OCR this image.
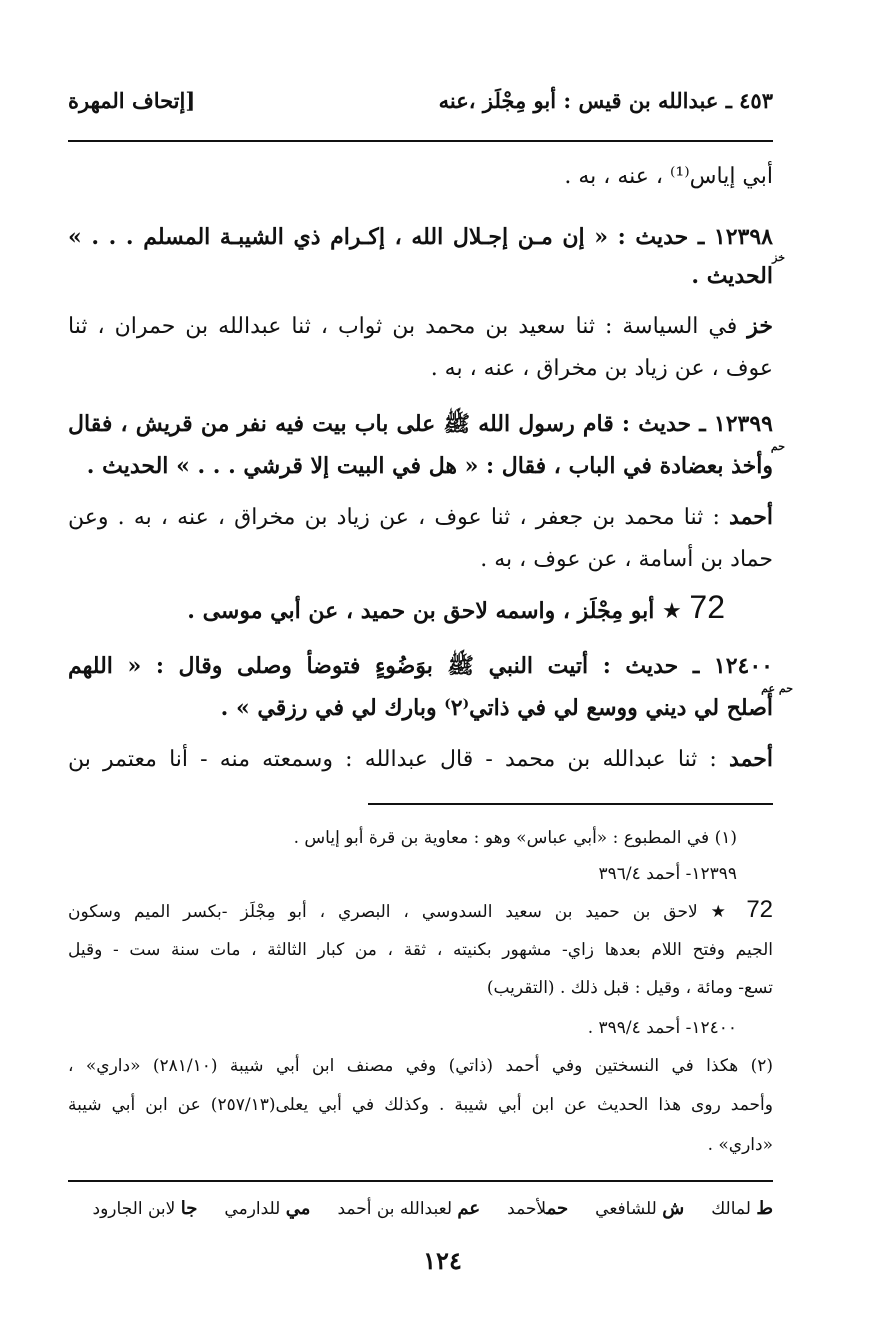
٤٥٣ ـ عبدالله بن قيس : أبو مِجْلَز ،عنه
[إتحاف المهرة
أبي إياس⁽¹⁾ ، عنه ، به .
١٢٣٩٨ ـ حديث : « إن مـن إجـلال الله ، إكـرام ذي الشيبـة المسلم . . . »
خز
الحديث .
خز في السياسة : ثنا سعيد بن محمد بن ثواب ، ثنا عبدالله بن حمران ، ثنا
عوف ، عن زياد بن مخراق ، عنه ، به .
١٢٣٩٩ ـ حديث : قام رسول الله ﷺ على باب بيت فيه نفر من قريش ، فقال
حم
وأخذ بعضادة في الباب ، فقال : « هل في البيت إلا قرشي . . . » الحديث .
أحمد : ثنا محمد بن جعفر ، ثنا عوف ، عن زياد بن مخراق ، عنه ، به . وعن
حماد بن أسامة ، عن عوف ، به .
72 ★ أبو مِجْلَز ، واسمه لاحق بن حميد ، عن أبي موسى .
١٢٤٠٠ ـ حديث : أتيت النبي ﷺ بوَضُوءٍ فتوضأ وصلى وقال : « اللهم
حم عم
أصلح لي ديني ووسع لي في ذاتي⁽٢⁾ وبارك لي في رزقي » .
أحمد : ثنا عبدالله بن محمد - قال عبدالله : وسمعته منه - أنا معتمر بن
(١) في المطبوع : «أبي عباس» وهو : معاوية بن قرة أبو إياس .
١٢٣٩٩- أحمد ٣٩٦/٤
72 ★ لاحق بن حميد بن سعيد السدوسي ، البصري ، أبو مِجْلَز -بكسر الميم وسكون
الجيم وفتح اللام بعدها زاي- مشهور بكنيته ، ثقة ، من كبار الثالثة ، مات سنة ست - وقيل
تسع- ومائة ، وقيل : قبل ذلك . (التقريب)
١٢٤٠٠- أحمد ٣٩٩/٤ .
(٢) هكذا في النسختين وفي أحمد (ذاتي) وفي مصنف ابن أبي شيبة (٢٨١/١٠) «داري» ،
وأحمد روى هذا الحديث عن ابن أبي شيبة . وكذلك في أبي يعلى(٢٥٧/١٣) عن ابن أبي شيبة
«داري» .
ط لمالك     ش للشافعي     حملأحمد     عم لعبدالله بن أحمد     مي للدارمي     جا لابن الجارود
١٢٤
